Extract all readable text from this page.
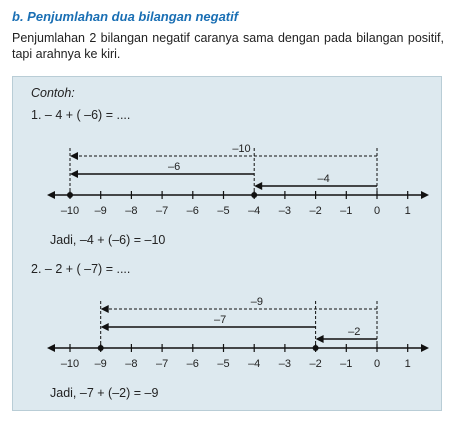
b. Penjumlahan dua bilangan negatif
Penjumlahan 2 bilangan negatif caranya sama dengan pada bilangan positif, tapi arahnya ke kiri.
Contoh:
1. – 4 + ( –6) = ....
Jadi, –4 + (–6) = –10
2. – 2 + ( –7) = ....
Jadi, –7 + (–2) = –9
–10 –9 –8 –7 –6 –5 –4 –3 –2 –1 0 1
–10
–6
–4
–10 –9 –8 –7 –6 –5 –4 –3 –2 –1 0 1
–9
–7
–2
